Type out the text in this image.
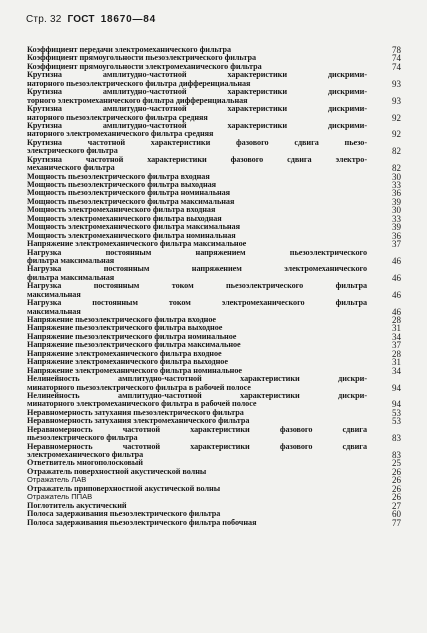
Стр. 32 ГОСТ 18670—84
Коэффициент передачи электромеханического фильтра	78
Коэффициент прямоугольности пьезоэлектрического фильтра	74
Коэффициент прямоугольности электромеханического фильтра	74
Крутизна амплитудно-частотной характеристики дискрими-
наторного пьезоэлектрического фильтра дифференциальная	93
Крутизна амплитудно-частотной характеристики дискрими-
торного электромеханического фильтра дифференциальная	93
Крутизна амплитудно-частотной характеристики дискрими-
наторного пьезоэлектрического фильтра средняя	92
Крутизна амплитудно-частотной характеристики дискрими-
наторного электромеханического фильтра средняя	92
Крутизна частотной характеристики фазового сдвига пьезо-
электрического фильтра	82
Крутизна частотной характеристики фазового сдвига электро-
механического фильтра	82
Мощность пьезоэлектрического фильтра входная	30
Мощность пьезоэлектрического фильтра выходная	33
Мощность пьезоэлектрического фильтра номинальная	36
Мощность пьезоэлектрического фильтра максимальная	39
Мощность электромеханического фильтра входная	30
Мощность электромеханического фильтра выходная	33
Мощность электромеханического фильтра максимальная	39
Мощность электромеханического фильтра номинальная	36
Напряжение электромеханического фильтра максимальное	37
Нагрузка постоянным напряжением пьезоэлектрического
фильтра максимальная	46
Нагрузка постоянным напряжением электромеханического
фильтра максимальная	46
Нагрузка постоянным током пьезоэлектрического фильтра
максимальная	46
Нагрузка постоянным током электромеханического фильтра
максимальная	46
Напряжение пьезоэлектрического фильтра входное	28
Напряжение пьезоэлектрического фильтра выходное	31
Напряжение пьезоэлектрического фильтра номинальное	34
Напряжение пьезоэлектрического фильтра максимальное	37
Напряжение электромеханического фильтра входное	28
Напряжение электромеханического фильтра выходное	31
Напряжение электромеханического фильтра номинальное	34
Нелинейность амплитудно-частотной характеристики дискри-
минаторного пьезоэлектрического фильтра в рабочей полосе	94
Нелинейность амплитудно-частотной характеристики дискри-
минаторного электромеханического фильтра в рабочей полосе	94
Неравномерность затухания пьезоэлектрического фильтра	53
Неравномерность затухания электромеханического фильтра	53
Неравномерность частотной характеристики фазового сдвига
пьезоэлектрического фильтра	83
Неравномерность частотной характеристики фазового сдвига
электромеханического фильтра	83
Ответвитель многополосковый	25
Отражатель поверхностной акустической волны	26
Отражатель ЛАВ	26
Отражатель приповерхностной акустической волны	26
Отражатель ППАВ	26
Поглотитель акустический	27
Полоса задерживания пьезоэлектрического фильтра	60
Полоса задерживания пьезоэлектрического фильтра побочная	77
